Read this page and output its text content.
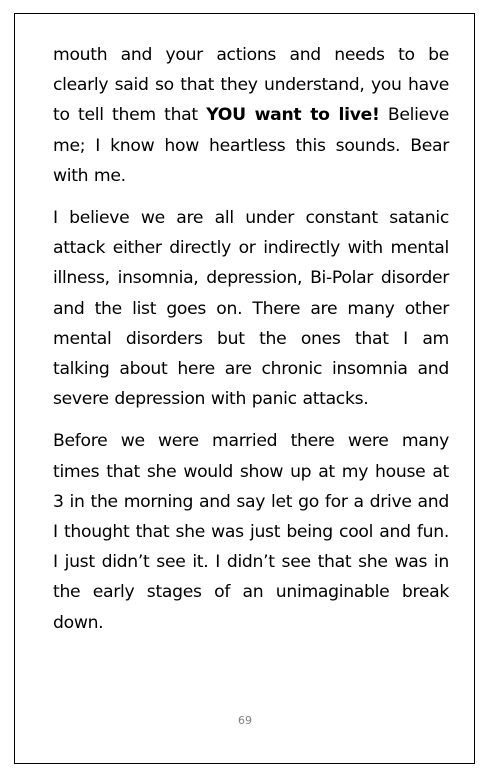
mouth and your actions and needs to be clearly said so that they understand, you have to tell them that YOU want to live! Believe me; I know how heartless this sounds. Bear with me.

I believe we are all under constant satanic attack either directly or indirectly with mental illness, insomnia, depression, Bi-Polar disorder and the list goes on. There are many other mental disorders but the ones that I am talking about here are chronic insomnia and severe depression with panic attacks.

Before we were married there were many times that she would show up at my house at 3 in the morning and say let go for a drive and I thought that she was just being cool and fun. I just didn’t see it. I didn’t see that she was in the early stages of an unimaginable break down.

69
